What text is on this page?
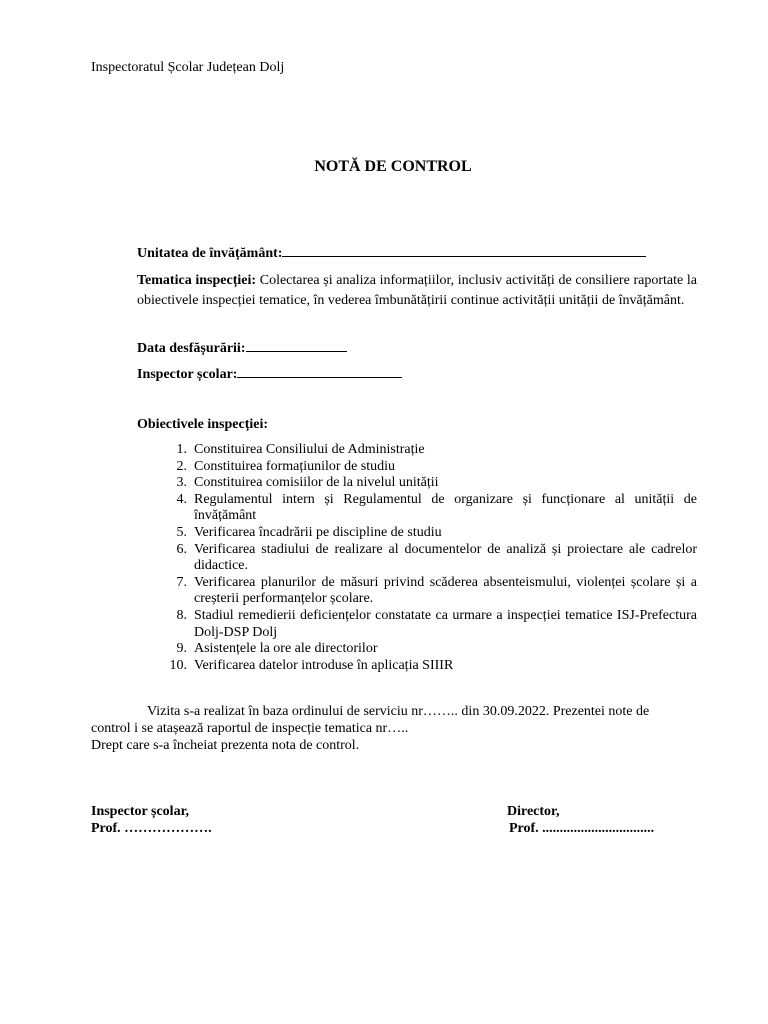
Inspectoratul Școlar Județean Dolj
NOTĂ DE CONTROL
Unitatea de învățământ:
Tematica inspecției: Colectarea și analiza informațiilor, inclusiv activități de consiliere raportate la obiectivele inspecției tematice, în vederea îmbunătățirii continue activității unității de învățământ.
Data desfășurării:
Inspector școlar:
Obiectivele inspecției:
1. Constituirea Consiliului de Administrație
2. Constituirea formațiunilor de studiu
3. Constituirea comisiilor de la nivelul unității
4. Regulamentul intern și Regulamentul de organizare și funcționare al unității de învățământ
5. Verificarea încadrării pe discipline de studiu
6. Verificarea stadiului de realizare al documentelor de analiză și proiectare ale cadrelor didactice.
7. Verificarea planurilor de măsuri privind scăderea absenteismului, violenței școlare și a creșterii performanțelor școlare.
8. Stadiul remedierii deficiențelor constatate ca urmare a inspecției tematice ISJ-Prefectura Dolj-DSP Dolj
9. Asistențele la ore ale directorilor
10. Verificarea datelor introduse în aplicația SIIIR
Vizita s-a realizat în baza ordinului de serviciu nr…….. din 30.09.2022. Prezentei note de control i se atașează raportul de inspecție tematica nr…..
Drept care s-a încheiat prezenta nota de control.
Inspector școlar,
Prof. ……………….
Director,
Prof. ................................
